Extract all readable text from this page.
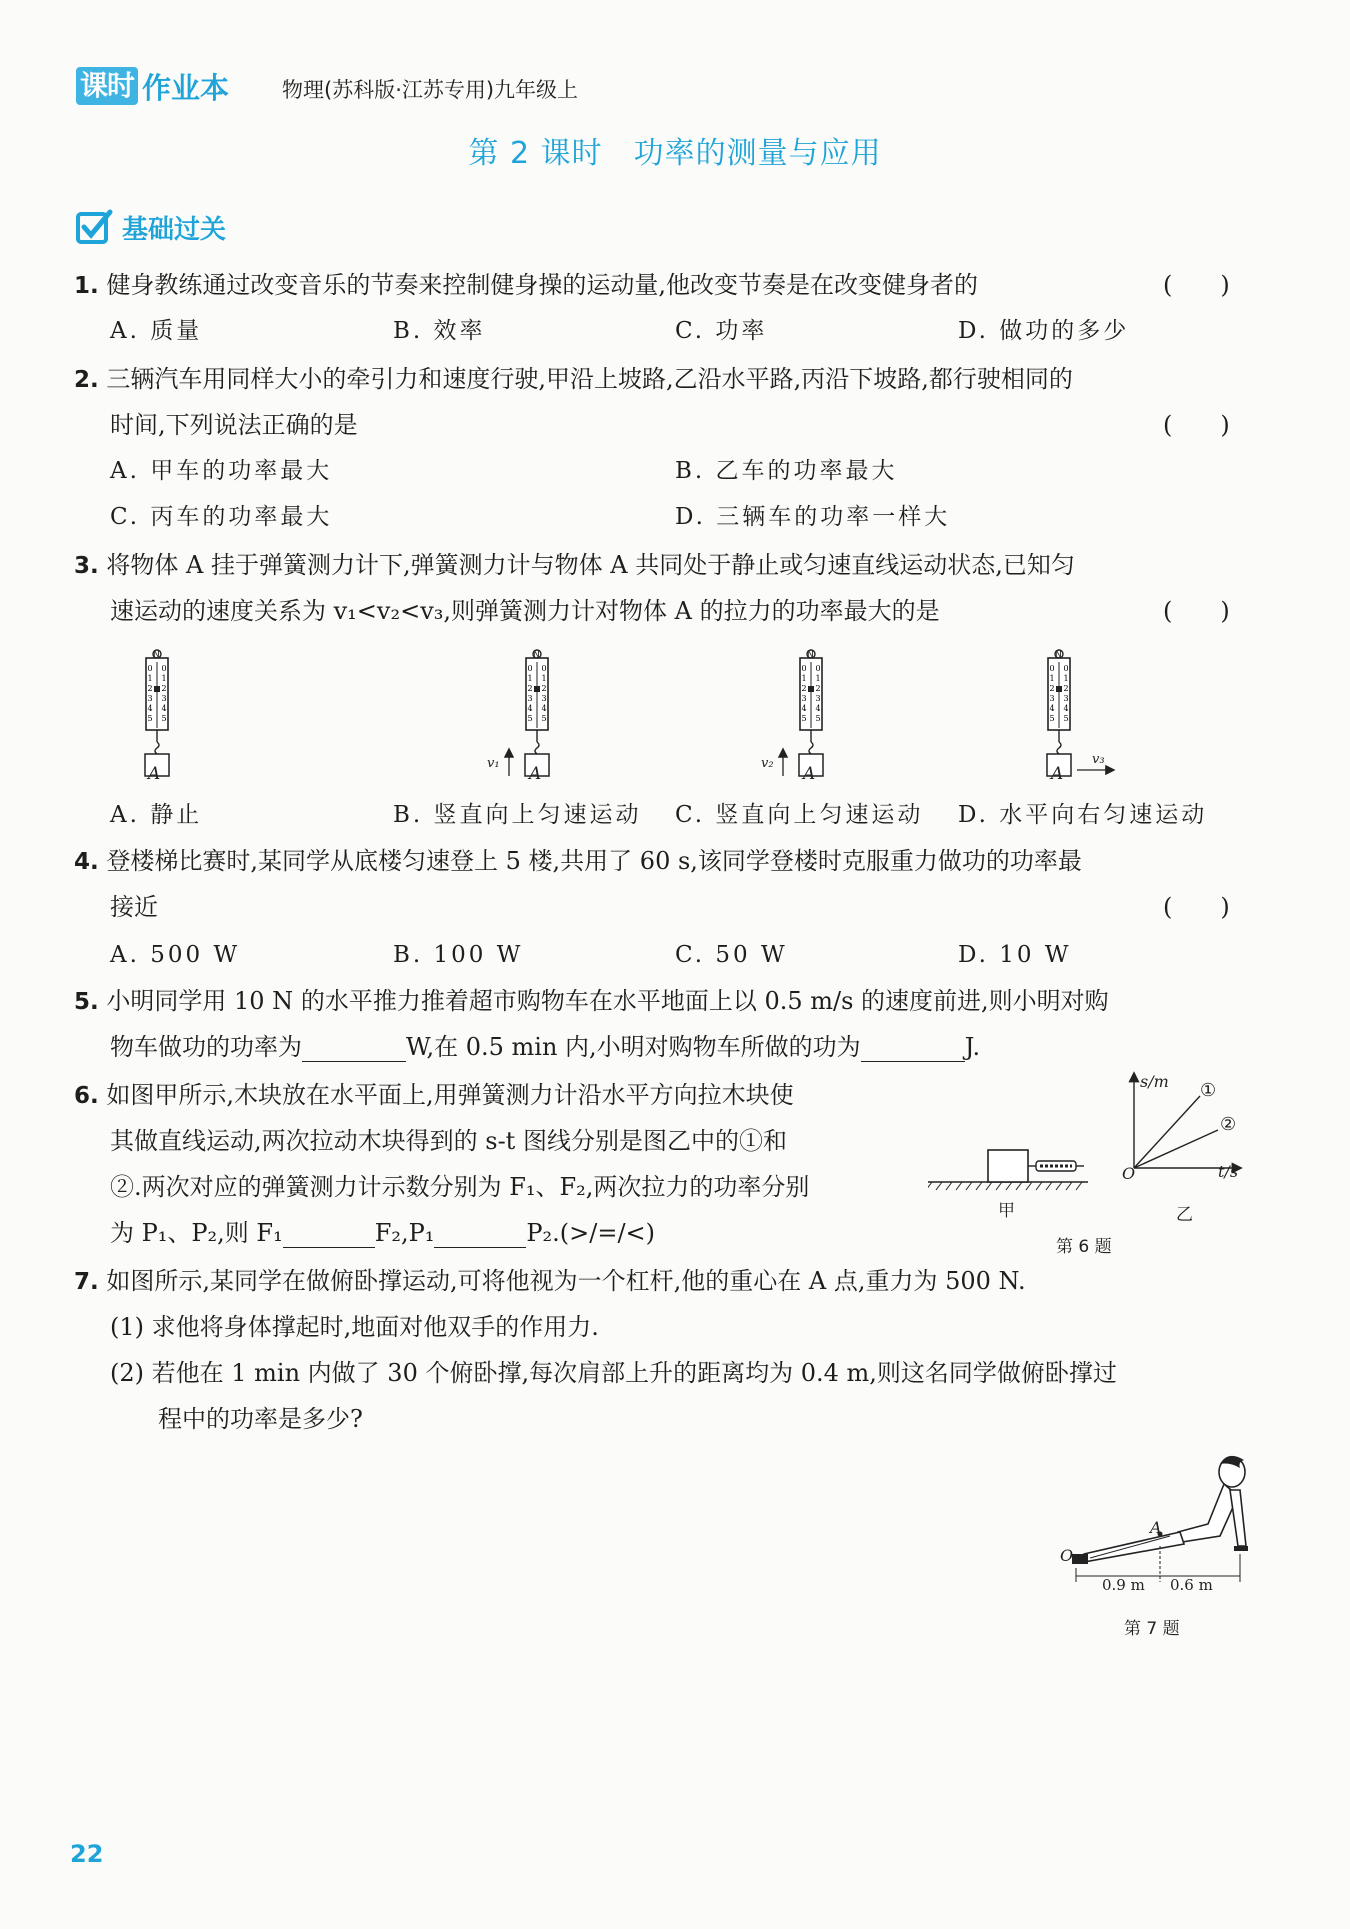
课时 作业本	物理(苏科版·江苏专用)九年级上
第 2 课时　功率的测量与应用
基础过关
1. 健身教练通过改变音乐的节奏来控制健身操的运动量,他改变节奏是在改变健身者的	(　　)
A. 质量	B. 效率	C. 功率	D. 做功的多少
2. 三辆汽车用同样大小的牵引力和速度行驶,甲沿上坡路,乙沿水平路,丙沿下坡路,都行驶相同的
时间,下列说法正确的是	(　　)
A. 甲车的功率最大	B. 乙车的功率最大
C. 丙车的功率最大	D. 三辆车的功率一样大
3. 将物体 A 挂于弹簧测力计下,弹簧测力计与物体 A 共同处于静止或匀速直线运动状态,已知匀
速运动的速度关系为 v₁<v₂<v₃,则弹簧测力计对物体 A 的拉力的功率最大的是	(　　)
0 0
1 1
2 2
3 3
4 4
5 5
0 0
1 1
2 2
3 3
4 4
5 5
0 0
1 1
2 2
3 3
4 4
5 5
0 0
1 1
2 2
3 3
4 4
5 5
A	A	A	A
v₁	v₂	v₃
N	N	N	N
A. 静止	B. 竖直向上匀速运动 C. 竖直向上匀速运动 D. 水平向右匀速运动
4. 登楼梯比赛时,某同学从底楼匀速登上 5 楼,共用了 60 s,该同学登楼时克服重力做功的功率最
接近	(　　)
A. 500 W	B. 100 W	C. 50 W	D. 10 W
5. 小明同学用 10 N 的水平推力推着超市购物车在水平地面上以 0.5 m/s 的速度前进,则小明对购
物车做功的功率为	W,在 0.5 min 内,小明对购物车所做的功为	J.
6. 如图甲所示,木块放在水平面上,用弹簧测力计沿水平方向拉木块使
其做直线运动,两次拉动木块得到的 s-t 图线分别是图乙中的①和
②.两次对应的弹簧测力计示数分别为 F₁、F₂,两次拉力的功率分别
为 P₁、P₂,则 F₁	F₂,P₁	P₂.(>/=/<)
s/m
t/s
O
①
②
甲	乙
第 6 题
7. 如图所示,某同学在做俯卧撑运动,可将他视为一个杠杆,他的重心在 A 点,重力为 500 N.
(1) 求他将身体撑起时,地面对他双手的作用力.
(2) 若他在 1 min 内做了 30 个俯卧撑,每次肩部上升的距离均为 0.4 m,则这名同学做俯卧撑过
程中的功率是多少?
A
O
0.9 m 0.6 m
第 7 题
22
